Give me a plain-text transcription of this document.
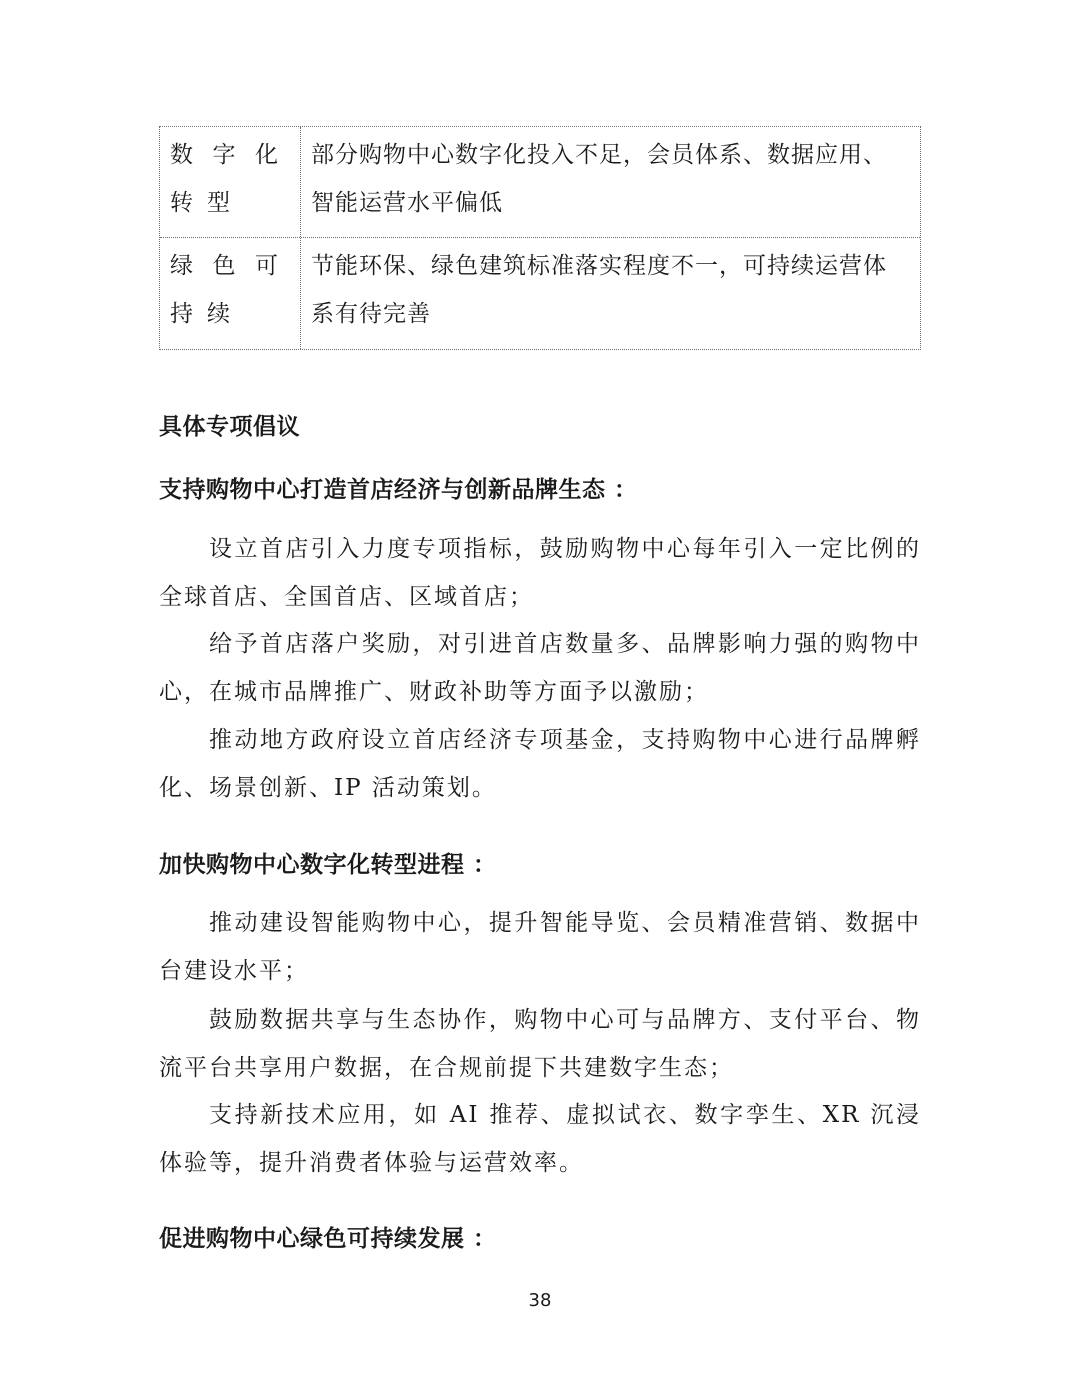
数字化转型
部分购物中心数字化投入不足，会员体系、数据应用、智能运营水平偏低
绿色可持续
节能环保、绿色建筑标准落实程度不一，可持续运营体系有待完善
具体专项倡议
支持购物中心打造首店经济与创新品牌生态 ：
设立首店引入力度专项指标，鼓励购物中心每年引入一定比例的全球首店、全国首店、区域首店；
给予首店落户奖励，对引进首店数量多、品牌影响力强的购物中心，在城市品牌推广、财政补助等方面予以激励；
推动地方政府设立首店经济专项基金，支持购物中心进行品牌孵化、场景创新、IP 活动策划。
加快购物中心数字化转型进程 ：
推动建设智能购物中心，提升智能导览、会员精准营销、数据中台建设水平；
鼓励数据共享与生态协作，购物中心可与品牌方、支付平台、物流平台共享用户数据，在合规前提下共建数字生态；
支持新技术应用，如 AI 推荐、虚拟试衣、数字孪生、XR 沉浸体验等，提升消费者体验与运营效率。
促进购物中心绿色可持续发展 ：
38
